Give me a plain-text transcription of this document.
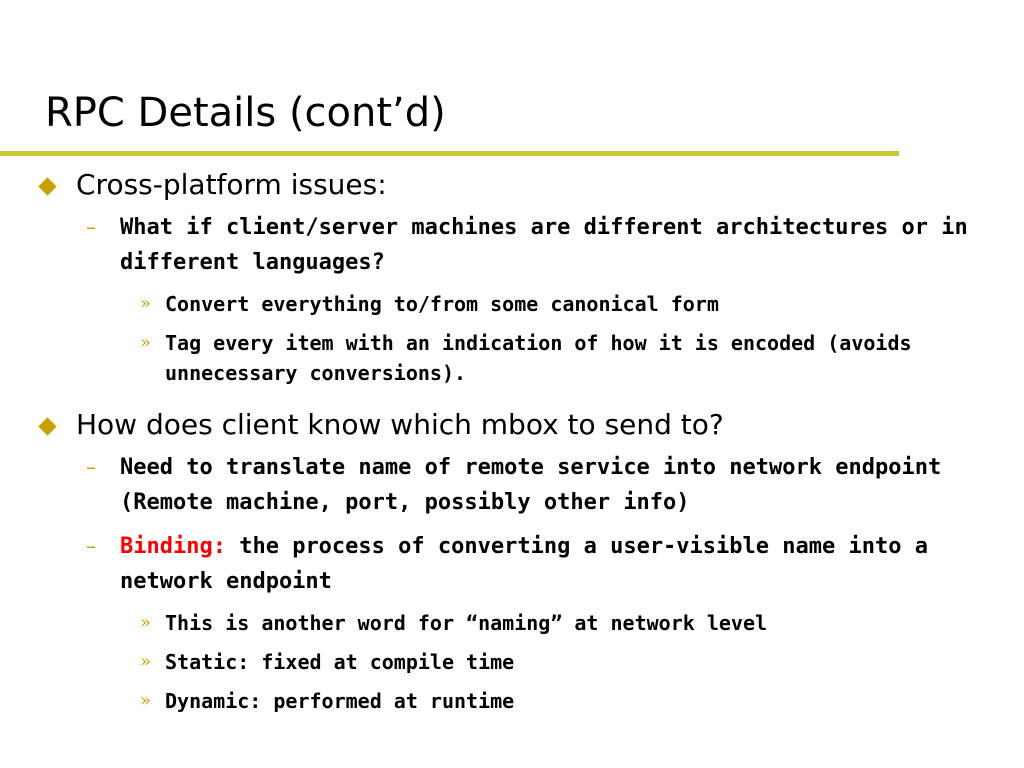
RPC Details (cont’d)
Cross-platform issues:
– What if client/server machines are different architectures or in different languages?
» Convert everything to/from some canonical form
» Tag every item with an indication of how it is encoded (avoids unnecessary conversions).
How does client know which mbox to send to?
– Need to translate name of remote service into network endpoint (Remote machine, port, possibly other info)
– Binding: the process of converting a user-visible name into a network endpoint
» This is another word for “naming” at network level
» Static: fixed at compile time
» Dynamic: performed at runtime
